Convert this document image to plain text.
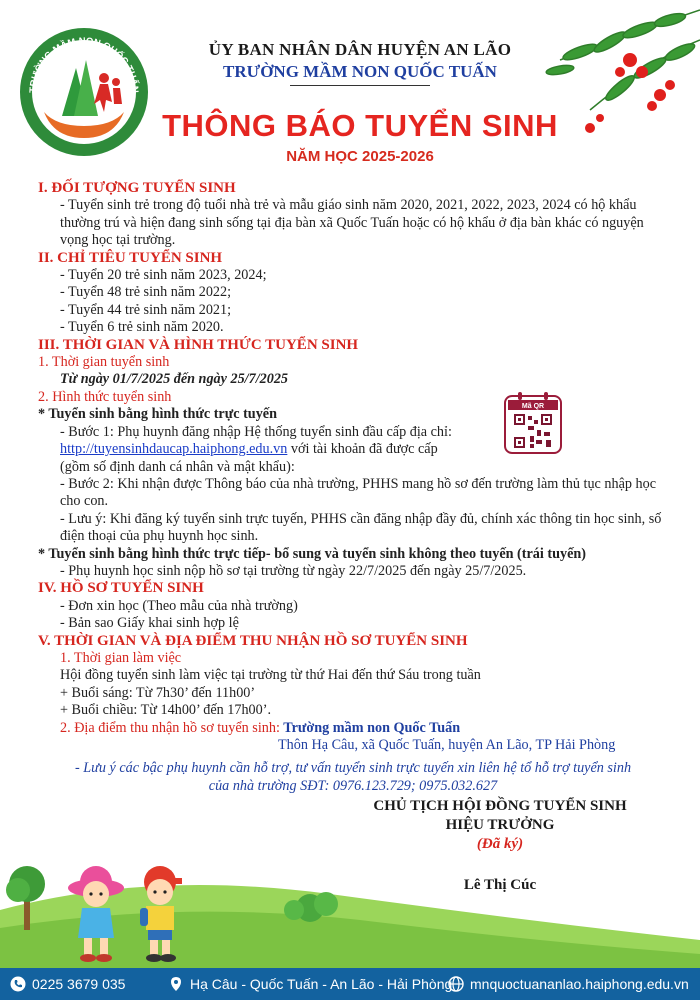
TRƯỜNG MẦM NON QUỐC TUẤN
ỦY BAN NHÂN DÂN HUYỆN AN LÃO
TRƯỜNG MẦM NON QUỐC TUẤN
THÔNG BÁO TUYỂN SINH
NĂM HỌC 2025-2026
I. ĐỐI TƯỢNG TUYỂN SINH
- Tuyển sinh trẻ trong độ tuổi nhà trẻ và mẫu giáo sinh năm 2020, 2021, 2022, 2023, 2024 có hộ khẩu thường trú và hiện đang sinh sống tại địa bàn xã Quốc Tuấn hoặc có hộ khẩu ở địa bàn khác có nguyện vọng học tại trường.
II. CHỈ TIÊU TUYỂN SINH
- Tuyển 20 trẻ sinh năm 2023, 2024;
- Tuyển 48 trẻ sinh năm 2022;
- Tuyển 44 trẻ sinh năm 2021;
- Tuyển 6 trẻ sinh năm 2020.
III. THỜI GIAN VÀ HÌNH THỨC TUYỂN SINH
1. Thời gian tuyển sinh
Từ ngày 01/7/2025 đến ngày 25/7/2025
2. Hình thức tuyển sinh
* Tuyển sinh bằng hình thức trực tuyến
- Bước 1: Phụ huynh đăng nhập Hệ thống tuyển sinh đầu cấp địa chỉ:
http://tuyensinhdaucap.haiphong.edu.vn với tài khoản đã được cấp
(gồm số định danh cá nhân và mật khẩu):
- Bước 2: Khi nhận được Thông báo của nhà trường, PHHS mang hồ sơ đến trường làm thủ tục nhập học cho con.
- Lưu ý: Khi đăng ký tuyển sinh trực tuyến, PHHS cần đăng nhập đầy đủ, chính xác thông tin học sinh, số điện thoại của phụ huynh học sinh.
* Tuyển sinh bằng hình thức trực tiếp- bổ sung và tuyển sinh không theo tuyến (trái tuyến)
- Phụ huynh học sinh nộp hồ sơ tại trường từ ngày 22/7/2025 đến ngày 25/7/2025.
IV. HỒ SƠ TUYỂN SINH
- Đơn xin học (Theo mẫu của nhà trường)
- Bản sao Giấy khai sinh hợp lệ
V. THỜI GIAN VÀ ĐỊA ĐIỂM THU NHẬN HỒ SƠ TUYỂN SINH
1. Thời gian làm việc
Hội đồng tuyển sinh làm việc tại trường từ thứ Hai đến thứ Sáu trong tuần
+ Buổi sáng: Từ 7h30’ đến 11h00’
+ Buổi chiều: Từ 14h00’ đến 17h00’.
2. Địa điểm thu nhận hồ sơ tuyển sinh: Trường mầm non Quốc Tuấn
Thôn Hạ Câu, xã Quốc Tuấn, huyện An Lão, TP Hải Phòng
- Lưu ý các bậc phụ huynh cần hỗ trợ, tư vấn tuyển sinh trực tuyến xin liên hệ tổ hỗ trợ tuyển sinh
của nhà trường SĐT: 0976.123.729; 0975.032.627
Mã QR
CHỦ TỊCH HỘI ĐỒNG TUYỂN SINH
HIỆU TRƯỞNG
(Đã ký)
Lê Thị Cúc
0225 3679 035	Hạ Câu - Quốc Tuấn - An Lão - Hải Phòng mnquoctuananlao.haiphong.edu.vn
